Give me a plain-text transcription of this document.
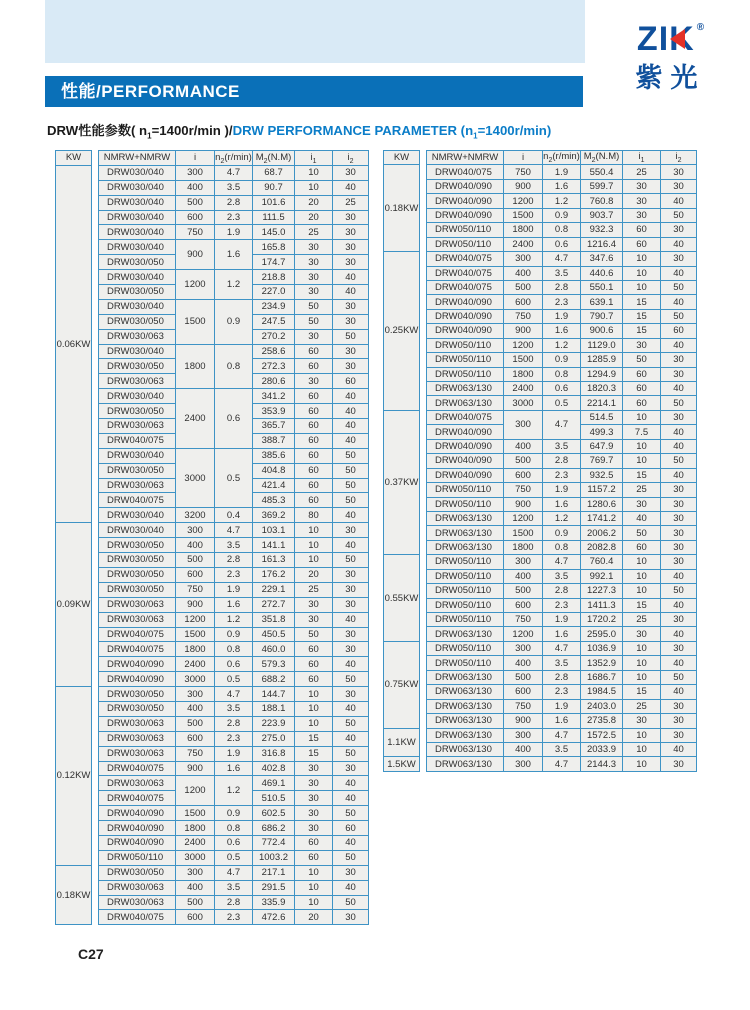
性能/PERFORMANCE
ZIK ®
紫光
DRW性能参数( $n_1=1400r/\min$ )/DRW PERFORMANCE PARAMETER $(n_1=1400r/\min)$
KW		NMRW+NMRW	i	$n_2(r/\min)$	$M_2(N.M)$	$i_1$	$i_2$
0.06KW		DRW030/040	300	4.7	68.7	10	30
		DRW030/040	400	3.5	90.7	10	40
		DRW030/040	500	2.8	101.6	20	25
		DRW030/040	600	2.3	111.5	20	30
		DRW030/040	750	1.9	145.0	25	30
		DRW030/040	900	1.6	165.8	30	30
		DRW030/050			174.7	30	30
		DRW030/040	1200	1.2	218.8	30	40
		DRW030/050			227.0	30	40
		DRW030/040	1500	0.9	234.9	50	30
		DRW030/050			247.5	50	30
		DRW030/063			270.2	30	50
		DRW030/040	1800	0.8	258.6	60	30
		DRW030/050			272.3	60	30
		DRW030/063			280.6	30	60
		DRW030/040	2400	0.6	341.2	60	40
		DRW030/050			353.9	60	40
		DRW030/063			365.7	60	40
		DRW040/075			388.7	60	40
		DRW030/040	3000	0.5	385.6	60	50
		DRW030/050			404.8	60	50
		DRW030/063			421.4	60	50
		DRW040/075			485.3	60	50
		DRW030/040	3200	0.4	369.2	80	40
0.09KW		DRW030/040	300	4.7	103.1	10	30
		DRW030/050	400	3.5	141.1	10	40
		DRW030/050	500	2.8	161.3	10	50
		DRW030/050	600	2.3	176.2	20	30
		DRW030/050	750	1.9	229.1	25	30
		DRW030/063	900	1.6	272.7	30	30
		DRW030/063	1200	1.2	351.8	30	40
		DRW040/075	1500	0.9	450.5	50	30
		DRW040/075	1800	0.8	460.0	60	30
		DRW040/090	2400	0.6	579.3	60	40
		DRW040/090	3000	0.5	688.2	60	50
0.12KW		DRW030/050	300	4.7	144.7	10	30
		DRW030/050	400	3.5	188.1	10	40
		DRW030/063	500	2.8	223.9	10	50
		DRW030/063	600	2.3	275.0	15	40
		DRW030/063	750	1.9	316.8	15	50
		DRW040/075	900	1.6	402.8	30	30
		DRW030/063	1200	1.2	469.1	30	40
		DRW040/075			510.5	30	40
		DRW040/090	1500	0.9	602.5	30	50
		DRW040/090	1800	0.8	686.2	30	60
		DRW040/090	2400	0.6	772.4	60	40
		DRW050/110	3000	0.5	1003.2	60	50
0.18KW		DRW030/050	300	4.7	217.1	10	30
		DRW030/063	400	3.5	291.5	10	40
		DRW030/063	500	2.8	335.9	10	50
		DRW040/075	600	2.3	472.6	20	30
KW		NMRW+NMRW	i	$n_2(r/\min)$	$M_2(N.M)$	$i_1$	$i_2$
0.18KW		DRW040/075	750	1.9	550.4	25	30
		DRW040/090	900	1.6	599.7	30	30
		DRW040/090	1200	1.2	760.8	30	40
		DRW040/090	1500	0.9	903.7	30	50
		DRW050/110	1800	0.8	932.3	60	30
		DRW050/110	2400	0.6	1216.4	60	40
0.25KW		DRW040/075	300	4.7	347.6	10	30
		DRW040/075	400	3.5	440.6	10	40
		DRW040/075	500	2.8	550.1	10	50
		DRW040/090	600	2.3	639.1	15	40
		DRW040/090	750	1.9	790.7	15	50
		DRW040/090	900	1.6	900.6	15	60
		DRW050/110	1200	1.2	1129.0	30	40
		DRW050/110	1500	0.9	1285.9	50	30
		DRW050/110	1800	0.8	1294.9	60	30
		DRW063/130	2400	0.6	1820.3	60	40
		DRW063/130	3000	0.5	2214.1	60	50
0.37KW		DRW040/075	300	4.7	514.5	10	30
		DRW040/090			499.3	7.5	40
		DRW040/090	400	3.5	647.9	10	40
		DRW040/090	500	2.8	769.7	10	50
		DRW040/090	600	2.3	932.5	15	40
		DRW050/110	750	1.9	1157.2	25	30
		DRW050/110	900	1.6	1280.6	30	30
		DRW063/130	1200	1.2	1741.2	40	30
		DRW063/130	1500	0.9	2006.2	50	30
		DRW063/130	1800	0.8	2082.8	60	30
0.55KW		DRW050/110	300	4.7	760.4	10	30
		DRW050/110	400	3.5	992.1	10	40
		DRW050/110	500	2.8	1227.3	10	50
		DRW050/110	600	2.3	1411.3	15	40
		DRW050/110	750	1.9	1720.2	25	30
		DRW063/130	1200	1.6	2595.0	30	40
0.75KW		DRW050/110	300	4.7	1036.9	10	30
		DRW050/110	400	3.5	1352.9	10	40
		DRW063/130	500	2.8	1686.7	10	50
		DRW063/130	600	2.3	1984.5	15	40
		DRW063/130	750	1.9	2403.0	25	30
		DRW063/130	900	1.6	2735.8	30	30
1.1KW		DRW063/130	300	4.7	1572.5	10	30
		DRW063/130	400	3.5	2033.9	10	40
1.5KW		DRW063/130	300	4.7	2144.3	10	30
C27
